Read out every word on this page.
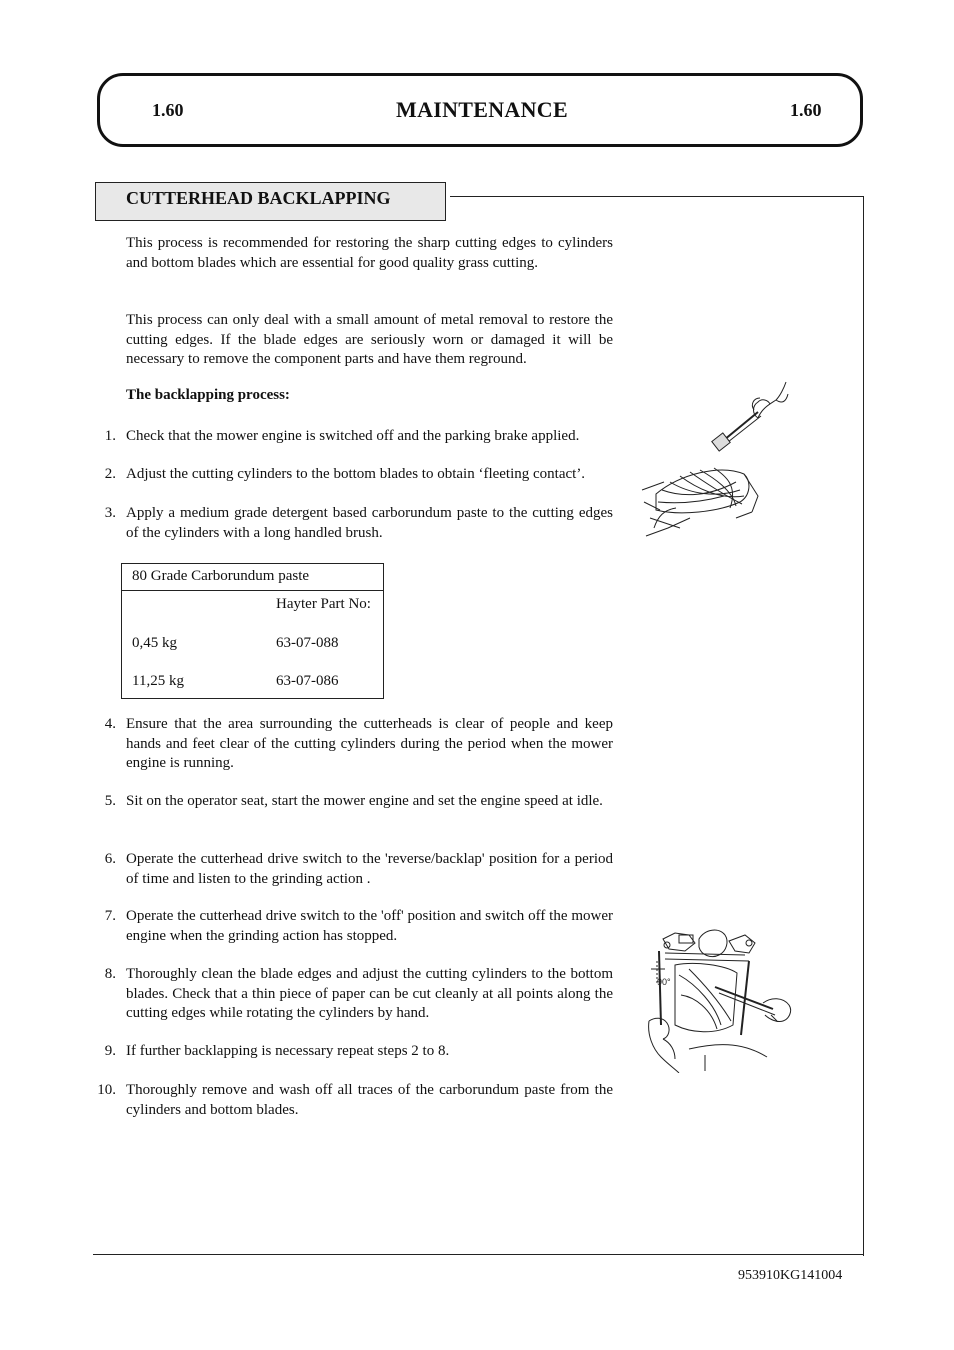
1.60	MAINTENANCE	1.60
CUTTERHEAD BACKLAPPING

This process is recommended for restoring the sharp cutting edges to cylinders and bottom blades which are essential for good quality grass cutting.

This process can only deal with a small amount of metal removal to restore the cutting edges. If the blade edges are seriously worn or damaged it will be necessary to remove the component parts and have them reground.

The backlapping process:
1. Check that the mower engine is switched off and the parking brake applied.
2. Adjust the cutting cylinders to the bottom blades to obtain ‘fleeting contact’.
3. Apply a medium grade detergent based carborundum paste to the cutting edges of the cylinders with a long handled brush.
80 Grade Carborundum paste
Hayter Part No:
0,45 kg	63-07-088
11,25 kg	63-07-086
4. Ensure that the area surrounding the cutterheads is clear of people and keep hands and feet clear of the cutting cylinders during the period when the mower engine is running.
5. Sit on the operator seat, start the mower engine and set the engine speed at idle.
6. Operate the cutterhead drive switch to the 'reverse/backlap' position for a period of time and listen to the grinding action .
7. Operate the cutterhead drive switch to the 'off' position and switch off the mower engine when the grinding action has stopped.
8. Thoroughly clean the blade edges and adjust the cutting cylinders to the bottom blades. Check that a thin piece of paper can be cut cleanly at all points along the cutting edges while rotating the cylinders by hand.
9. If further backlapping is necessary repeat steps 2 to 8.
10. Thoroughly remove and wash off all traces of the carborundum paste from the cylinders and bottom blades.
90°
953910KG141004
